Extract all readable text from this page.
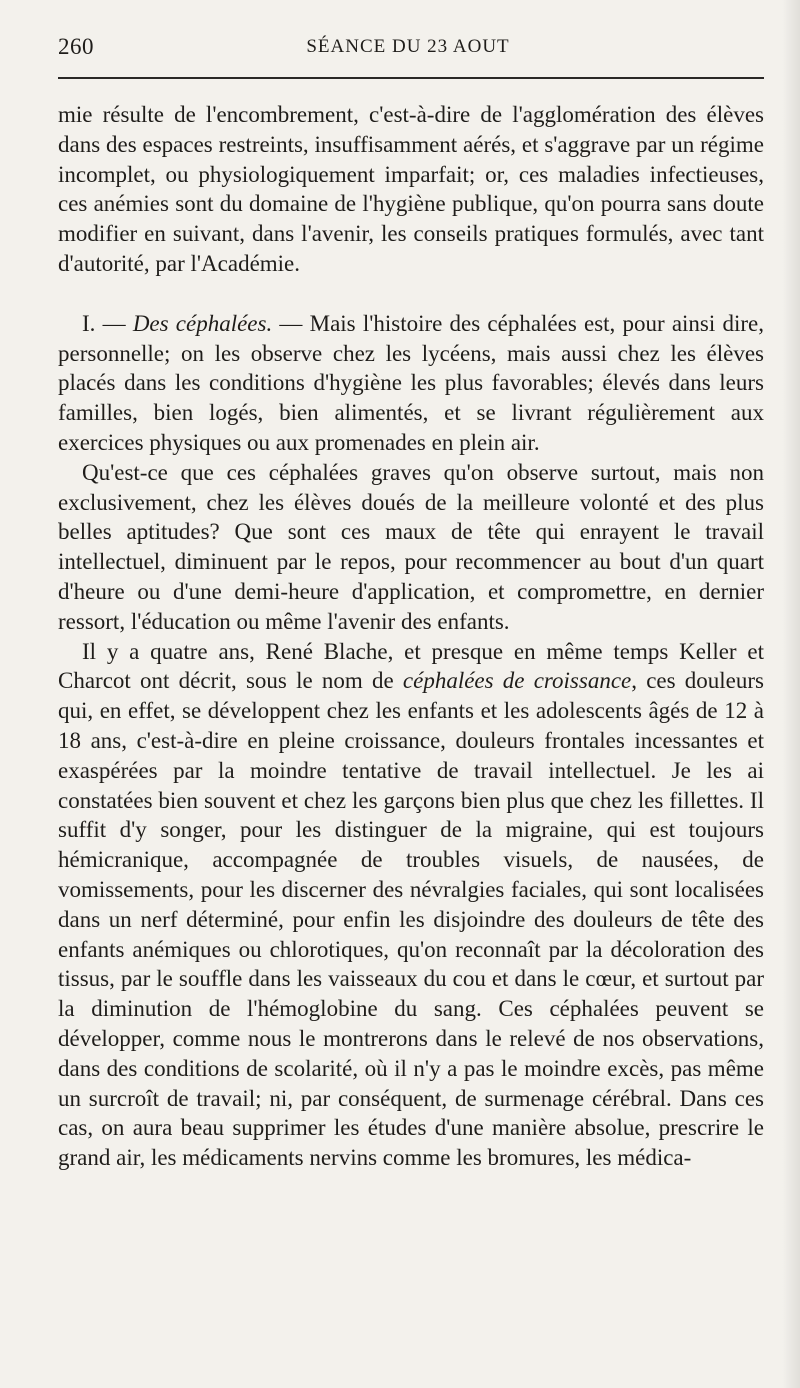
260	SÉANCE DU 23 AOUT

mie résulte de l'encombrement, c'est-à-dire de l'agglomération des élèves dans des espaces restreints, insuffisamment aérés, et s'aggrave par un régime incomplet, ou physiologiquement imparfait; or, ces maladies infectieuses, ces anémies sont du domaine de l'hygiène publique, qu'on pourra sans doute modifier en suivant, dans l'avenir, les conseils pratiques formulés, avec tant d'autorité, par l'Académie.

I. — Des céphalées. — Mais l'histoire des céphalées est, pour ainsi dire, personnelle; on les observe chez les lycéens, mais aussi chez les élèves placés dans les conditions d'hygiène les plus favorables; élevés dans leurs familles, bien logés, bien alimentés, et se livrant régulièrement aux exercices physiques ou aux promenades en plein air.

Qu'est-ce que ces céphalées graves qu'on observe surtout, mais non exclusivement, chez les élèves doués de la meilleure volonté et des plus belles aptitudes? Que sont ces maux de tête qui enrayent le travail intellectuel, diminuent par le repos, pour recommencer au bout d'un quart d'heure ou d'une demi-heure d'application, et compromettre, en dernier ressort, l'éducation ou même l'avenir des enfants.

Il y a quatre ans, René Blache, et presque en même temps Keller et Charcot ont décrit, sous le nom de céphalées de croissance, ces douleurs qui, en effet, se développent chez les enfants et les adolescents âgés de 12 à 18 ans, c'est-à-dire en pleine croissance, douleurs frontales incessantes et exaspérées par la moindre tentative de travail intellectuel. Je les ai constatées bien souvent et chez les garçons bien plus que chez les fillettes. Il suffit d'y songer, pour les distinguer de la migraine, qui est toujours hémicranique, accompagnée de troubles visuels, de nausées, de vomissements, pour les discerner des névralgies faciales, qui sont localisées dans un nerf déterminé, pour enfin les disjoindre des douleurs de tête des enfants anémiques ou chlorotiques, qu'on reconnaît par la décoloration des tissus, par le souffle dans les vaisseaux du cou et dans le cœur, et surtout par la diminution de l'hémoglobine du sang. Ces céphalées peuvent se développer, comme nous le montrerons dans le relevé de nos observations, dans des conditions de scolarité, où il n'y a pas le moindre excès, pas même un surcroît de travail; ni, par conséquent, de surmenage cérébral. Dans ces cas, on aura beau supprimer les études d'une manière absolue, prescrire le grand air, les médicaments nervins comme les bromures, les médica-
